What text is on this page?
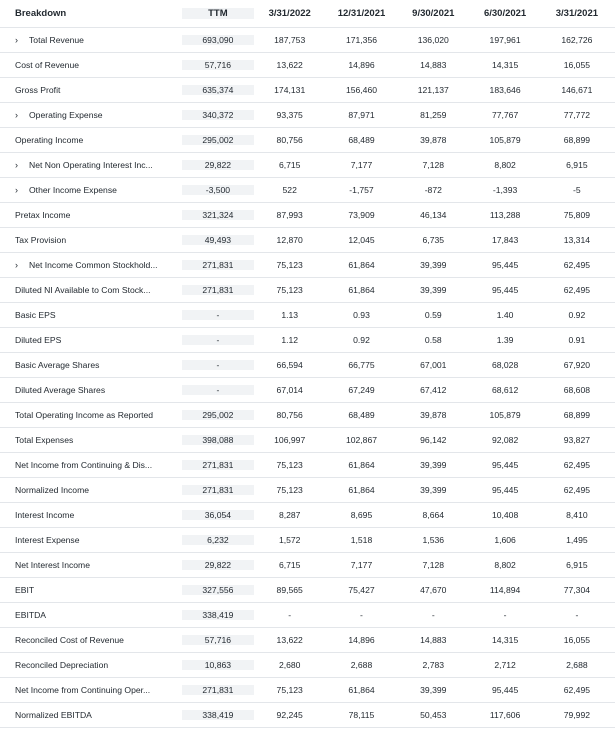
Breakdown	TTM	3/31/2022	12/31/2021	9/30/2021	6/30/2021	3/31/2021
› Total Revenue	693,090	187,753	171,356	136,020	197,961	162,726
Cost of Revenue	57,716	13,622	14,896	14,883	14,315	16,055
Gross Profit	635,374	174,131	156,460	121,137	183,646	146,671
› Operating Expense	340,372	93,375	87,971	81,259	77,767	77,772
Operating Income	295,002	80,756	68,489	39,878	105,879	68,899
› Net Non Operating Interest Inc...	29,822	6,715	7,177	7,128	8,802	6,915
› Other Income Expense	-3,500	522	-1,757	-872	-1,393	-5
Pretax Income	321,324	87,993	73,909	46,134	113,288	75,809
Tax Provision	49,493	12,870	12,045	6,735	17,843	13,314
› Net Income Common Stockhold...	271,831	75,123	61,864	39,399	95,445	62,495
Diluted NI Available to Com Stock...	271,831	75,123	61,864	39,399	95,445	62,495
Basic EPS	-	1.13	0.93	0.59	1.40	0.92
Diluted EPS	-	1.12	0.92	0.58	1.39	0.91
Basic Average Shares	-	66,594	66,775	67,001	68,028	67,920
Diluted Average Shares	-	67,014	67,249	67,412	68,612	68,608
Total Operating Income as Reported	295,002	80,756	68,489	39,878	105,879	68,899
Total Expenses	398,088	106,997	102,867	96,142	92,082	93,827
Net Income from Continuing & Dis...	271,831	75,123	61,864	39,399	95,445	62,495
Normalized Income	271,831	75,123	61,864	39,399	95,445	62,495
Interest Income	36,054	8,287	8,695	8,664	10,408	8,410
Interest Expense	6,232	1,572	1,518	1,536	1,606	1,495
Net Interest Income	29,822	6,715	7,177	7,128	8,802	6,915
EBIT	327,556	89,565	75,427	47,670	114,894	77,304
EBITDA	338,419	-	-	-	-	-
Reconciled Cost of Revenue	57,716	13,622	14,896	14,883	14,315	16,055
Reconciled Depreciation	10,863	2,680	2,688	2,783	2,712	2,688
Net Income from Continuing Oper...	271,831	75,123	61,864	39,399	95,445	62,495
Normalized EBITDA	338,419	92,245	78,115	50,453	117,606	79,992
